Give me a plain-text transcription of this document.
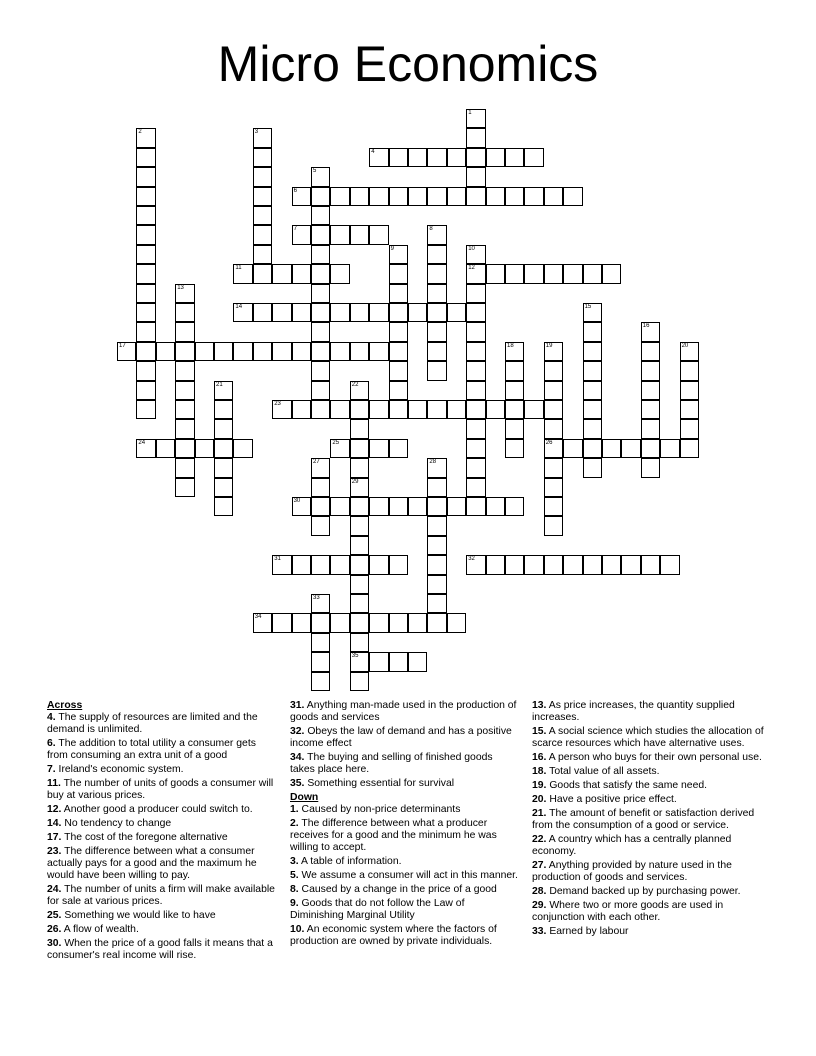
Micro Economics
1
2	3
4
5
6
7	8
9	10
12
11
13
14	15
16
17	18	19
26
20
21	22
23
24	25
27	28
29
35
30
31	32
33
34
Across
4. The supply of resources are limited and the demand is unlimited.
6. The addition to total utility a consumer gets from consuming an extra unit of a good
7. Ireland's economic system.
11. The number of units of goods a consumer will buy at various prices.
12. Another good a producer could switch to.
14. No tendency to change
17. The cost of the foregone alternative
23. The difference between what a consumer actually pays for a good and the maximum he would have been willing to pay.
24. The number of units a firm will make available for sale at various prices.
25. Something we would like to have
26. A flow of wealth.
30. When the price of a good falls it means that a consumer's real income will rise.
31. Anything man-made used in the production of goods and services
32. Obeys the law of demand and has a positive income effect
34. The buying and selling of finished goods takes place here.
35. Something essential for survival
Down
1. Caused by non-price determinants
2. The difference between what a producer receives for a good and the minimum he was willing to accept.
3. A table of information.
5. We assume a consumer will act in this manner.
8. Caused by a change in the price of a good
9. Goods that do not follow the Law of Diminishing Marginal Utility
10. An economic system where the factors of production are owned by private individuals.
13. As price increases, the quantity supplied increases.
15. A social science which studies the allocation of scarce resources which have alternative uses.
16. A person who buys for their own personal use.
18. Total value of all assets.
19. Goods that satisfy the same need.
20. Have a positive price effect.
21. The amount of benefit or satisfaction derived from the consumption of a good or service.
22. A country which has a centrally planned economy.
27. Anything provided by nature used in the production of goods and services.
28. Demand backed up by purchasing power.
29. Where two or more goods are used in conjunction with each other.
33. Earned by labour
